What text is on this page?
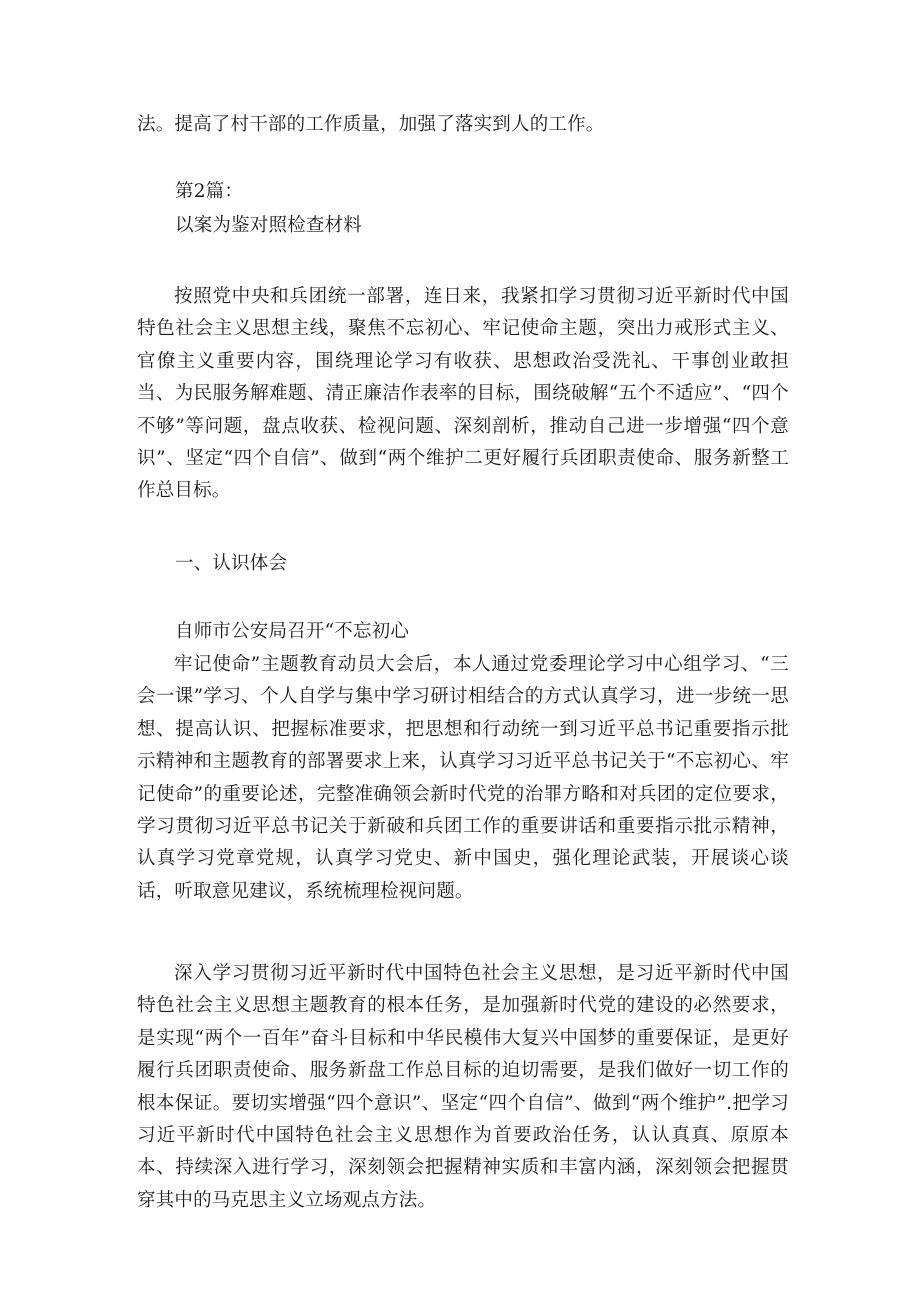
法。提高了村干部的工作质量，加强了落实到人的工作。
第2篇：
以案为鉴对照检查材料

按照党中央和兵团统一部署，连日来，我紧扣学习贯彻习近平新时代中国特色社会主义思想主线，聚焦不忘初心、牢记使命主题，突出力戒形式主义、官僚主义重要内容，围绕理论学习有收获、思想政治受洗礼、干事创业敢担当、为民服务解难题、清正廉洁作表率的目标，围绕破解“五个不适应”、“四个不够”等问题，盘点收获、检视问题、深刻剖析，推动自己进一步增强“四个意识”、坚定“四个自信”、做到“两个维护二更好履行兵团职责使命、服务新整工作总目标。

一、认识体会
自师市公安局召开“不忘初心

牢记使命”主题教育动员大会后，本人通过党委理论学习中心组学习、“三会一课”学习、个人自学与集中学习研讨相结合的方式认真学习，进一步统一思想、提高认识、把握标准要求，把思想和行动统一到习近平总书记重要指示批示精神和主题教育的部署要求上来，认真学习习近平总书记关于“不忘初心、牢记使命”的重要论述，完整准确领会新时代党的治罪方略和对兵团的定位要求，学习贯彻习近平总书记关于新破和兵团工作的重要讲话和重要指示批示精神，认真学习党章党规，认真学习党史、新中国史，强化理论武装，开展谈心谈话，听取意见建议，系统梳理检视问题。

深入学习贯彻习近平新时代中国特色社会主义思想，是习近平新时代中国特色社会主义思想主题教育的根本任务，是加强新时代党的建设的必然要求，是实现“两个一百年”奋斗目标和中华民模伟大复兴中国梦的重要保证，是更好履行兵团职责使命、服务新盘工作总目标的迫切需要，是我们做好一切工作的根本保证。要切实增强“四个意识”、坚定“四个自信”、做到“两个维护”.把学习习近平新时代中国特色社会主义思想作为首要政治任务，认认真真、原原本本、持续深入进行学习，深刻领会把握精神实质和丰富内涵，深刻领会把握贯穿其中的马克思主义立场观点方法。
